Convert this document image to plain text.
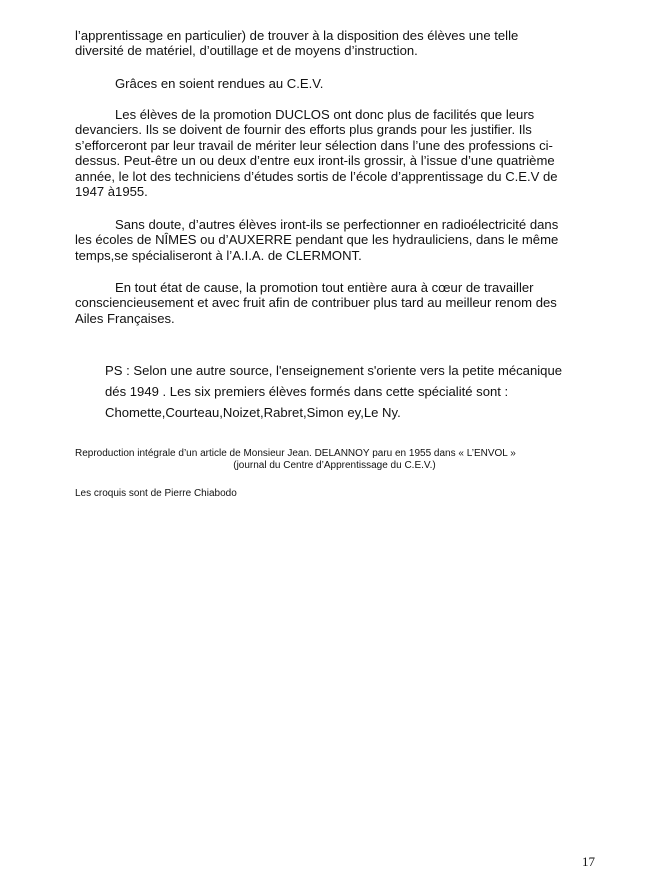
l’apprentissage en particulier) de trouver à la disposition des élèves une telle
diversité de matériel, d’outillage et de moyens d’instruction.
Grâces en soient rendues au C.E.V.
Les élèves de la promotion DUCLOS ont donc plus de facilités que leurs
devanciers. Ils se doivent de fournir des efforts plus grands pour les justifier. Ils
s’efforceront par leur travail de mériter leur sélection dans l’une des professions ci-
dessus. Peut-être un ou deux d’entre eux iront-ils grossir, à l’issue d’une quatrième
année, le lot des techniciens d’études sortis de l’école d’apprentissage du C.E.V de
1947 à1955.
Sans doute, d’autres élèves iront-ils se perfectionner en radioélectricité dans
les écoles de NÎMES ou d’AUXERRE pendant que les hydrauliciens, dans le même
temps,se spécialiseront à l’A.I.A. de CLERMONT.
En tout état de cause, la promotion tout entière aura à cœur de travailler
consciencieusement et avec fruit afin de contribuer plus tard au meilleur renom des
Ailes Françaises.
PS : Selon une autre source, l'enseignement s'oriente vers la petite mécanique
dés 1949 . Les six premiers élèves formés dans cette spécialité sont :
Chomette,Courteau,Noizet,Rabret,Simon ey,Le Ny.
Reproduction intégrale d’un article de Monsieur Jean. DELANNOY paru en 1955 dans « L’ENVOL »
(journal du Centre d’Apprentissage du C.E.V.)
Les croquis sont de Pierre Chiabodo
17
